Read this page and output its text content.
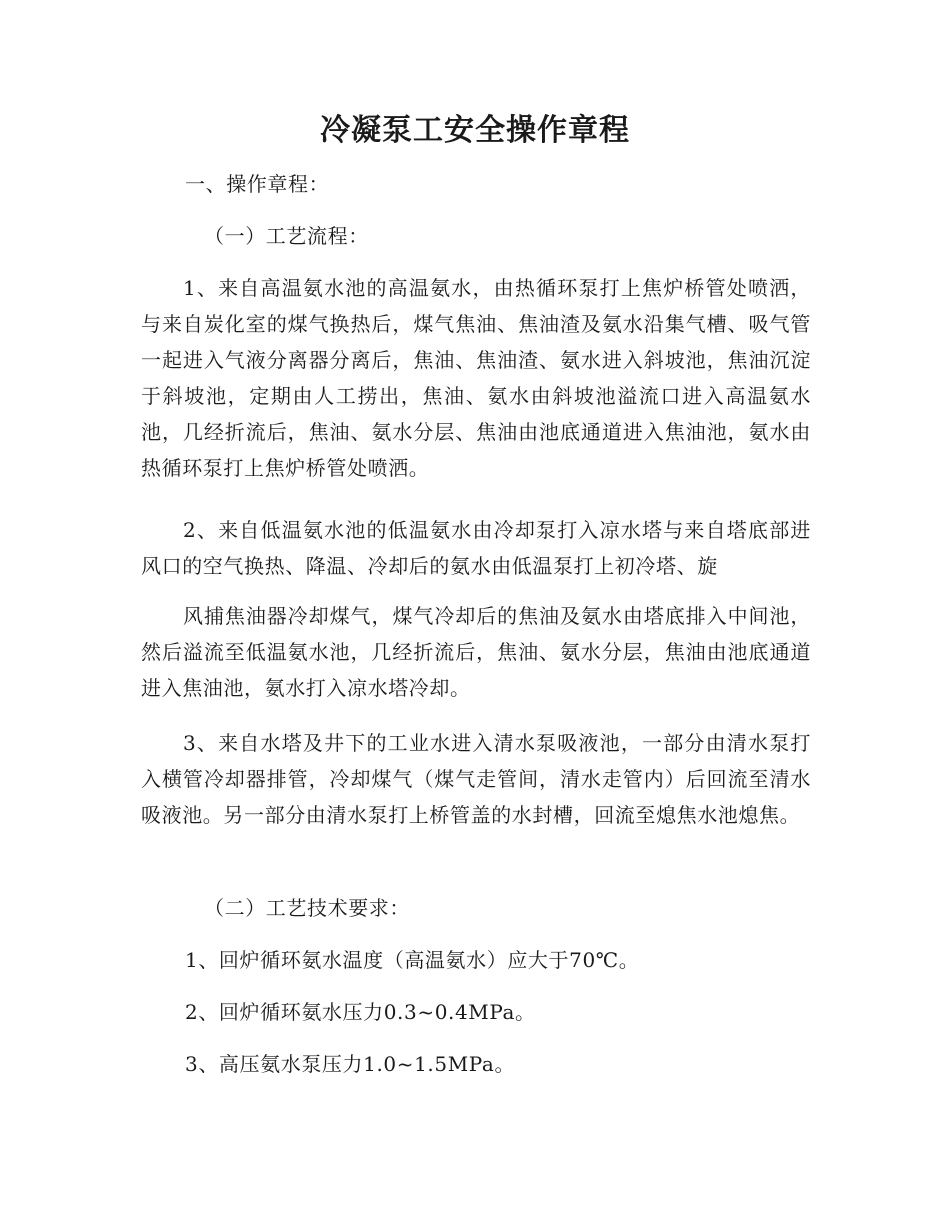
冷凝泵工安全操作章程
一、操作章程：
（一）工艺流程：
1、来自高温氨水池的高温氨水，由热循环泵打上焦炉桥管处喷洒，与来自炭化室的煤气换热后，煤气焦油、焦油渣及氨水沿集气槽、吸气管一起进入气液分离器分离后，焦油、焦油渣、氨水进入斜坡池，焦油沉淀于斜坡池，定期由人工捞出，焦油、氨水由斜坡池溢流口进入高温氨水池，几经折流后，焦油、氨水分层、焦油由池底通道进入焦油池，氨水由热循环泵打上焦炉桥管处喷洒。
2、来自低温氨水池的低温氨水由冷却泵打入凉水塔与来自塔底部进风口的空气换热、降温、冷却后的氨水由低温泵打上初冷塔、旋
风捕焦油器冷却煤气，煤气冷却后的焦油及氨水由塔底排入中间池，然后溢流至低温氨水池，几经折流后，焦油、氨水分层，焦油由池底通道进入焦油池，氨水打入凉水塔冷却。
3、来自水塔及井下的工业水进入清水泵吸液池，一部分由清水泵打入横管冷却器排管，冷却煤气（煤气走管间，清水走管内）后回流至清水吸液池。另一部分由清水泵打上桥管盖的水封槽，回流至熄焦水池熄焦。
（二）工艺技术要求：
1、回炉循环氨水温度（高温氨水）应大于70℃。
2、回炉循环氨水压力0.3~0.4MPa。
3、高压氨水泵压力1.0~1.5MPa。
